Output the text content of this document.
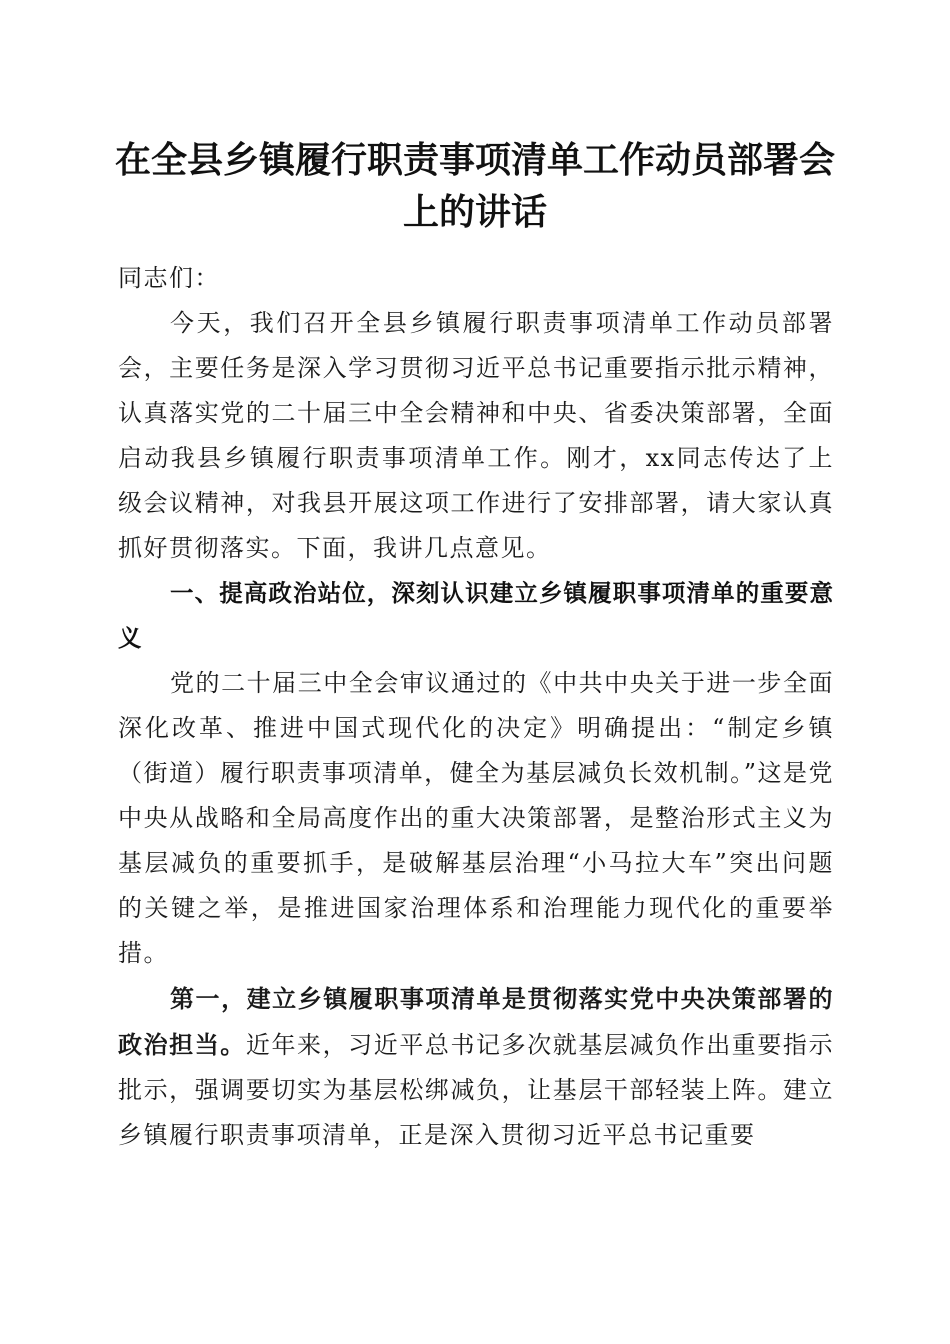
在全县乡镇履行职责事项清单工作动员部署会上的讲话

同志们：

今天，我们召开全县乡镇履行职责事项清单工作动员部署会，主要任务是深入学习贯彻习近平总书记重要指示批示精神，认真落实党的二十届三中全会精神和中央、省委决策部署，全面启动我县乡镇履行职责事项清单工作。刚才，xx同志传达了上级会议精神，对我县开展这项工作进行了安排部署，请大家认真抓好贯彻落实。下面，我讲几点意见。

一、提高政治站位，深刻认识建立乡镇履职事项清单的重要意义

党的二十届三中全会审议通过的《中共中央关于进一步全面深化改革、推进中国式现代化的决定》明确提出：“制定乡镇（街道）履行职责事项清单，健全为基层减负长效机制。”这是党中央从战略和全局高度作出的重大决策部署，是整治形式主义为基层减负的重要抓手，是破解基层治理“小马拉大车”突出问题的关键之举，是推进国家治理体系和治理能力现代化的重要举措。

第一，建立乡镇履职事项清单是贯彻落实党中央决策部署的政治担当。近年来，习近平总书记多次就基层减负作出重要指示批示，强调要切实为基层松绑减负，让基层干部轻装上阵。建立乡镇履行职责事项清单，正是深入贯彻习近平总书记重要
